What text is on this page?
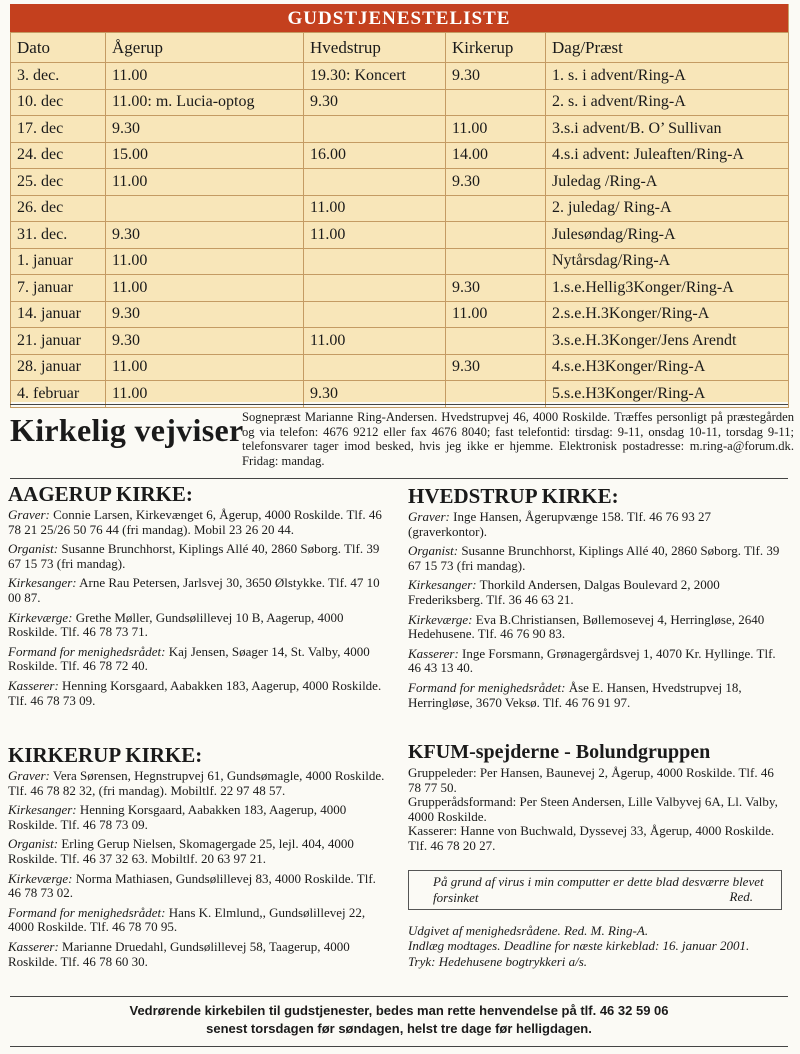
GUDSTJENESTELISTE
Dato	Ågerup	Hvedstrup	Kirkerup	Dag/Præst
3. dec.	11.00	19.30: Koncert	9.30	1. s. i advent/Ring-A
10. dec	11.00: m. Lucia-optog	9.30		2. s. i advent/Ring-A
17. dec	9.30		11.00	3.s.i advent/B. O’ Sullivan
24. dec	15.00	16.00	14.00	4.s.i advent: Juleaften/Ring-A
25. dec	11.00		9.30	Juledag /Ring-A
26. dec		11.00		2. juledag/ Ring-A
31. dec.	9.30	11.00		Julesøndag/Ring-A
1. januar	11.00			Nytårsdag/Ring-A
7. januar	11.00		9.30	1.s.e.Hellig3Konger/Ring-A
14. januar	9.30		11.00	2.s.e.H.3Konger/Ring-A
21. januar	9.30	11.00		3.s.e.H.3Konger/Jens Arendt
28. januar	11.00		9.30	4.s.e.H3Konger/Ring-A
4. februar	11.00	9.30		5.s.e.H3Konger/Ring-A
Kirkelig vejviser
Sognepræst Marianne Ring-Andersen. Hvedstrupvej 46, 4000 Roskilde. Træffes personligt på præstegården og via telefon: 4676 9212 eller fax 4676 8040; fast telefontid: tirsdag: 9-11, onsdag 10-11, torsdag 9-11; telefonsvarer tager imod besked, hvis jeg ikke er hjemme. Elektronisk postadresse: m.ring-a@forum.dk. Fridag: mandag.
AAGERUP KIRKE:
Graver: Connie Larsen, Kirkevænget 6, Ågerup, 4000 Roskilde. Tlf. 46 78 21 25/26 50 76 44 (fri mandag). Mobil 23 26 20 44.
Organist: Susanne Brunchhorst, Kiplings Allé 40, 2860 Søborg. Tlf. 39 67 15 73 (fri mandag).
Kirkesanger: Arne Rau Petersen, Jarlsvej 30, 3650 Ølstykke. Tlf. 47 10 00 87.
Kirkeværge: Grethe Møller, Gundsølillevej 10 B, Aagerup, 4000 Roskilde. Tlf. 46 78 73 71.
Formand for menighedsrådet: Kaj Jensen, Søager 14, St. Valby, 4000 Roskilde. Tlf. 46 78 72 40.
Kasserer: Henning Korsgaard, Aabakken 183, Aagerup, 4000 Roskilde. Tlf. 46 78 73 09.
KIRKERUP KIRKE:
Graver: Vera Sørensen, Hegnstrupvej 61, Gundsømagle, 4000 Roskilde. Tlf. 46 78 82 32, (fri mandag). Mobiltlf. 22 97 48 57.
Kirkesanger: Henning Korsgaard, Aabakken 183, Aagerup, 4000 Roskilde. Tlf. 46 78 73 09.
Organist: Erling Gerup Nielsen, Skomagergade 25, lejl. 404, 4000 Roskilde. Tlf. 46 37 32 63. Mobiltlf. 20 63 97 21.
Kirkeværge: Norma Mathiasen, Gundsølillevej 83, 4000 Roskilde. Tlf. 46 78 73 02.
Formand for menighedsrådet: Hans K. Elmlund,, Gundsølillevej 22, 4000 Roskilde. Tlf. 46 78 70 95.
Kasserer: Marianne Druedahl, Gundsølillevej 58, Taagerup, 4000 Roskilde. Tlf. 46 78 60 30.
HVEDSTRUP KIRKE:
Graver: Inge Hansen, Ågerupvænge 158. Tlf. 46 76 93 27 (graverkontor).
Organist: Susanne Brunchhorst, Kiplings Allé 40, 2860 Søborg. Tlf. 39 67 15 73 (fri mandag).
Kirkesanger: Thorkild Andersen, Dalgas Boulevard 2, 2000 Frederiksberg. Tlf. 36 46 63 21.
Kirkeværge: Eva B.Christiansen, Bøllemosevej 4, Herringløse, 2640 Hedehusene. Tlf. 46 76 90 83.
Kasserer: Inge Forsmann, Grønagergårdsvej 1, 4070 Kr. Hyllinge. Tlf. 46 43 13 40.
Formand for menighedsrådet: Åse E. Hansen, Hvedstrupvej 18, Herringløse, 3670 Veksø. Tlf. 46 76 91 97.
KFUM-spejderne - Bolundgruppen
Gruppeleder: Per Hansen, Baunevej 2, Ågerup, 4000 Roskilde. Tlf. 46 78 77 50.
Grupperådsformand: Per Steen Andersen, Lille Valbyvej 6A, Ll. Valby, 4000 Roskilde.
Kasserer: Hanne von Buchwald, Dyssevej 33, Ågerup, 4000 Roskilde. Tlf. 46 78 20 27.
På grund af virus i min computter er dette blad desværre blevet forsinket	Red.
Udgivet af menighedsrådene. Red. M. Ring-A.
Indlæg modtages. Deadline for næste kirkeblad: 16. januar 2001.
Tryk: Hedehusene bogtrykkeri a/s.
Vedrørende kirkebilen til gudstjenester, bedes man rette henvendelse på tlf. 46 32 59 06
senest torsdagen før søndagen, helst tre dage før helligdagen.
